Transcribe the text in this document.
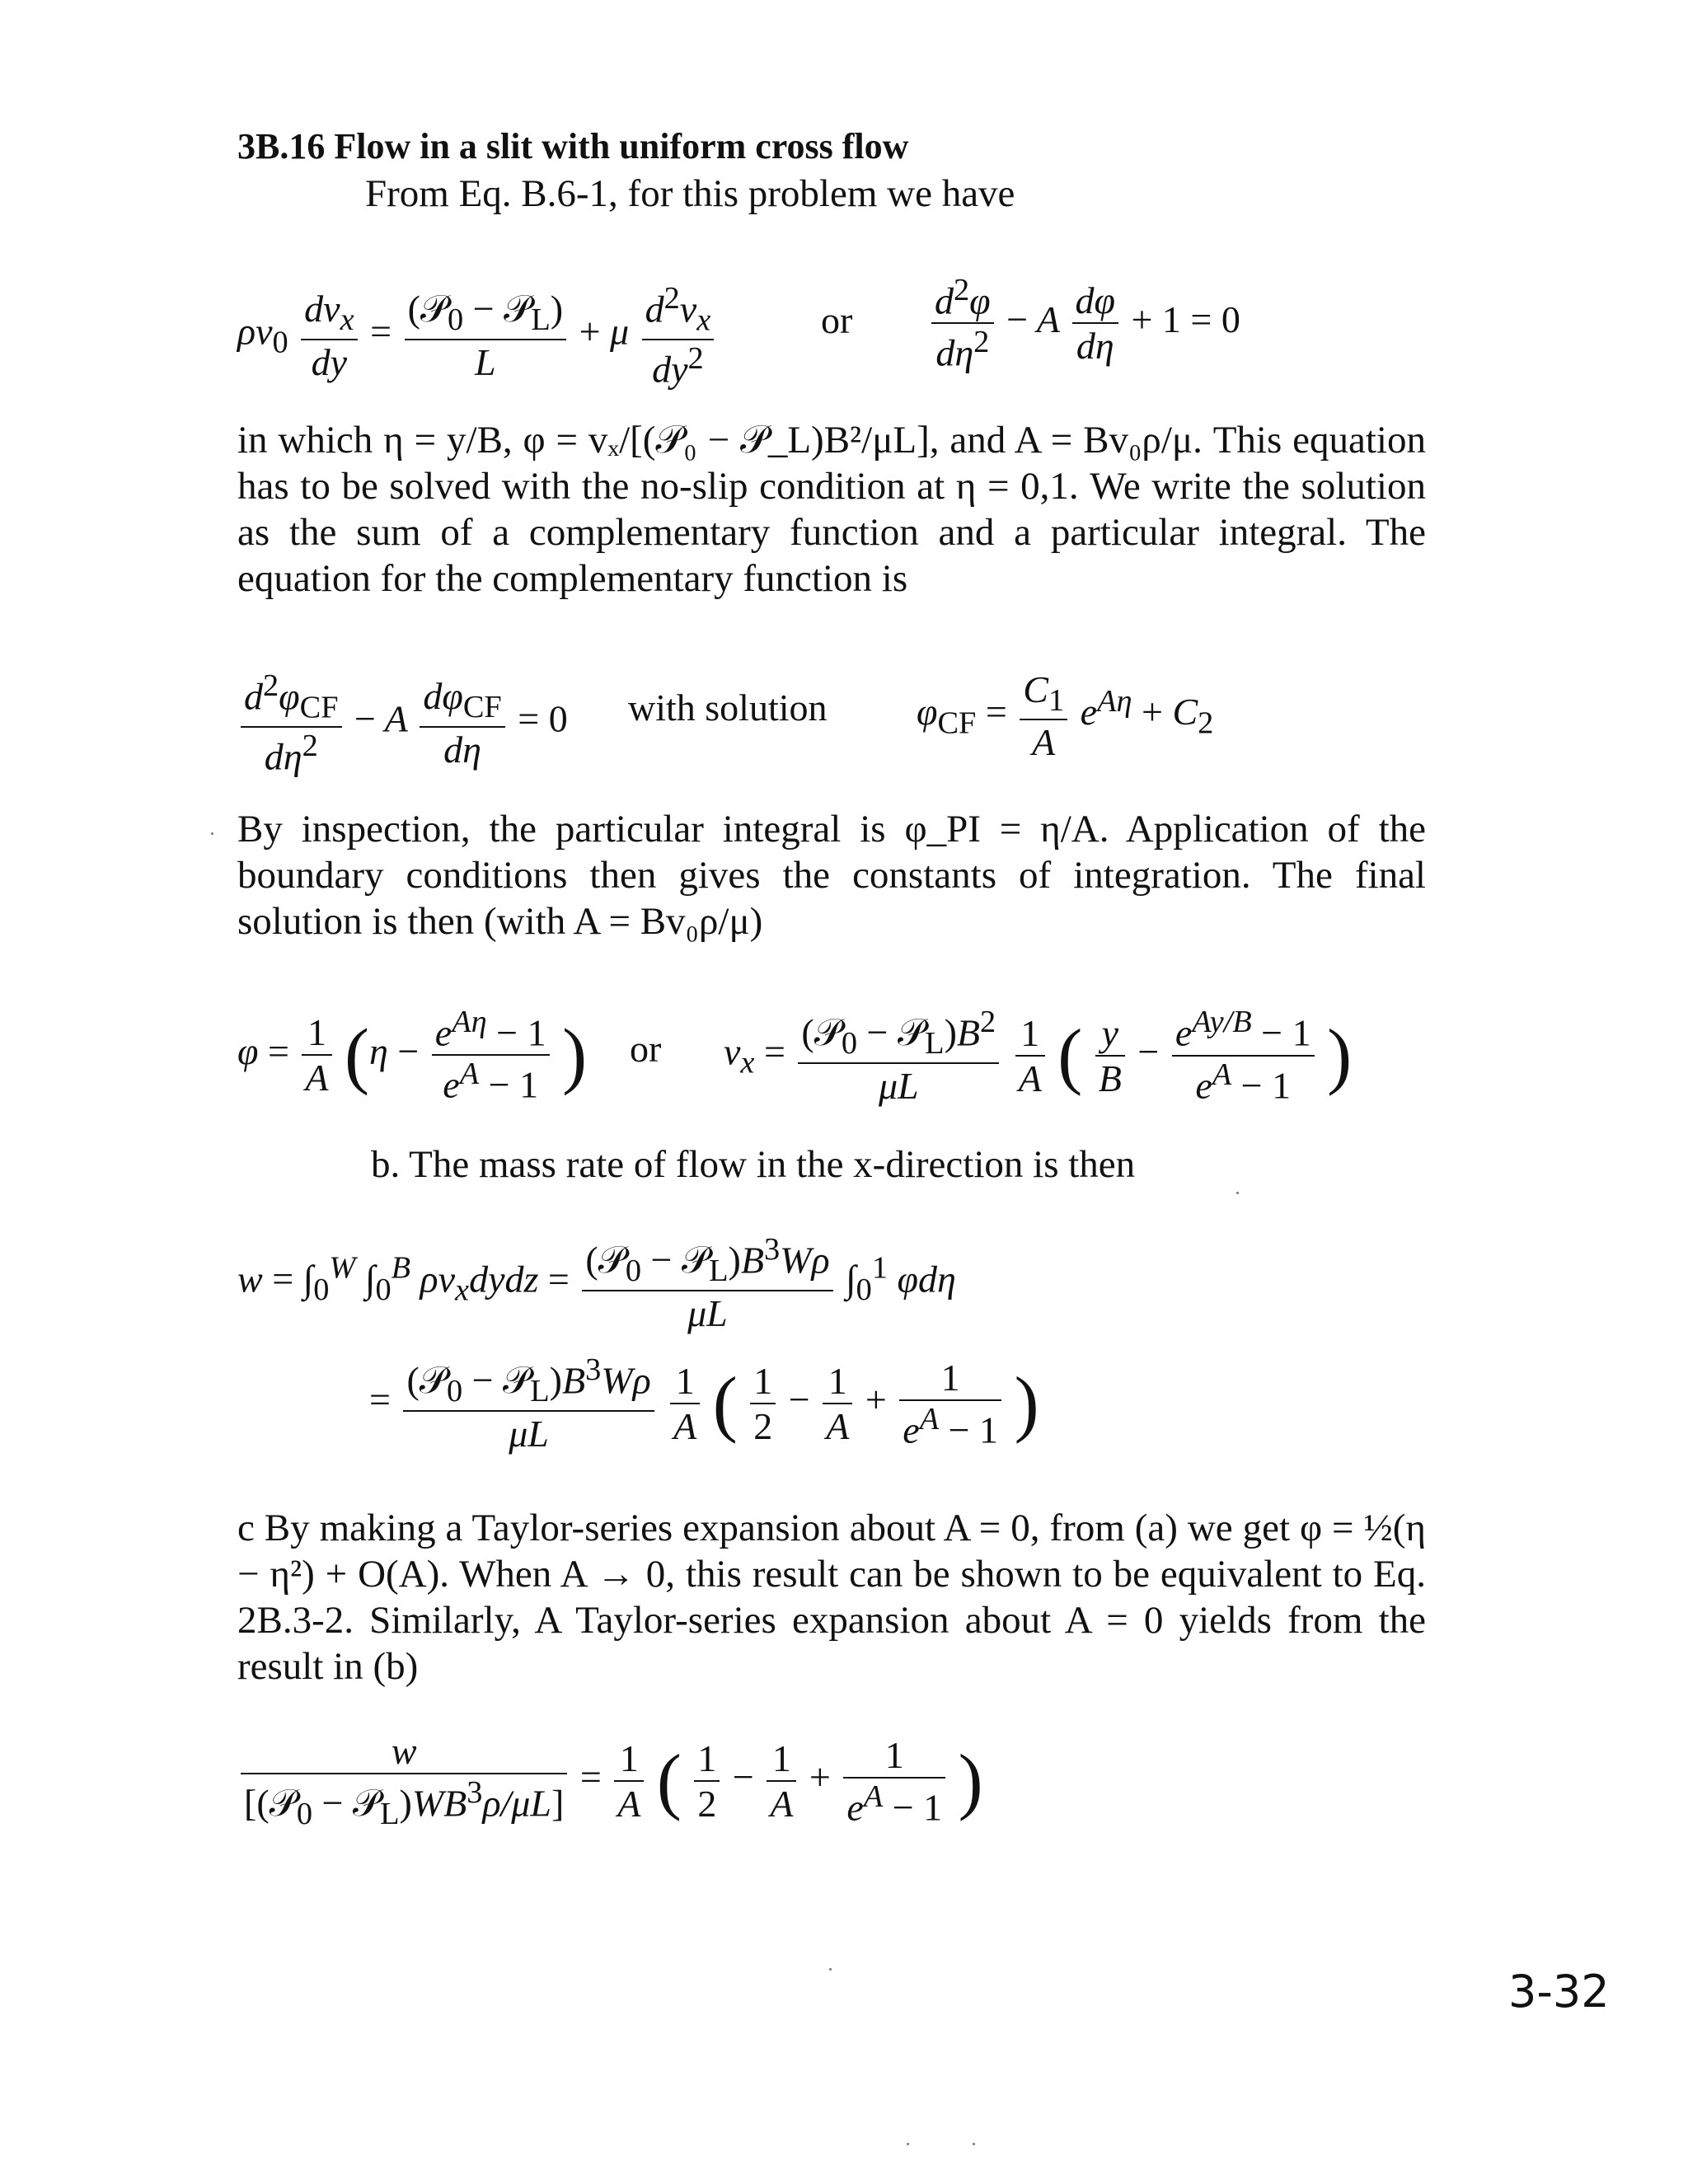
3B.16 Flow in a slit with uniform cross flow
From Eq. B.6-1, for this problem we have
$\rho v_0 \frac{dv_x}{dy} = \frac{(𝒫_0 - 𝒫_L)}{L} + \mu \frac{d^2v_x}{dy^2}$	or $\frac{d^2\varphi}{d\eta^2} - A \frac{d\varphi}{d\eta} + 1 = 0$
in which η = y/B, φ = vₓ/[(𝒫₀ − 𝒫_L)B²/μL], and A = Bv₀ρ/μ. This equation has to be solved with the no-slip condition at η = 0,1. We write the solution as the sum of a complementary function and a particular integral. The equation for the complementary function is
$\frac{d^2\varphi_{CF}}{d\eta^2} - A \frac{d\varphi_{CF}}{d\eta} = 0$ with solution $\varphi_{CF} = \frac{C_1}{A} e^{A\eta} + C_2$
By inspection, the particular integral is φ_PI = η/A. Application of the boundary conditions then gives the constants of integration. The final solution is then (with A = Bv₀ρ/μ)
$\varphi = \frac{1}{A} (\eta - \frac{e^{A\eta} - 1}{e^A - 1}$ ) or $v_x = \frac{(𝒫_0 - 𝒫_L)B^2}{\mu L}$
$\frac{1}{A}$ ( $\frac{y}{B} - \frac{e^{Ay/B} - 1}{e^A - 1}$ )
b. The mass rate of flow in the x-direction is then
$w = \int_0^W$ $\int_0^B$ $\rho v_xdydz = \frac{(𝒫_0 - 𝒫_L)B^3W\rho}{\mu L} \int_0^1$ φdη
= $\frac{(𝒫_0 - 𝒫_L)B^3W\rho}{\mu L}$
$\frac{1}{A}$ ( $\frac{1}{2} - \frac{1}{A} + \frac{1}{e^A - 1}$ )
c By making a Taylor-series expansion about A = 0, from (a) we get φ = ½(η − η²) + O(A). When A → 0, this result can be shown to be equivalent to Eq. 2B.3-2. Similarly, A Taylor-series expansion about A = 0 yields from the result in (b)
$\frac{w}{[(𝒫_0 - 𝒫_L)WB^3\rho/\mu L]} = \frac{1}{A}$ ( $\frac{1}{2} - \frac{1}{A} + \frac{1}{e^A - 1}$ )
3-32
